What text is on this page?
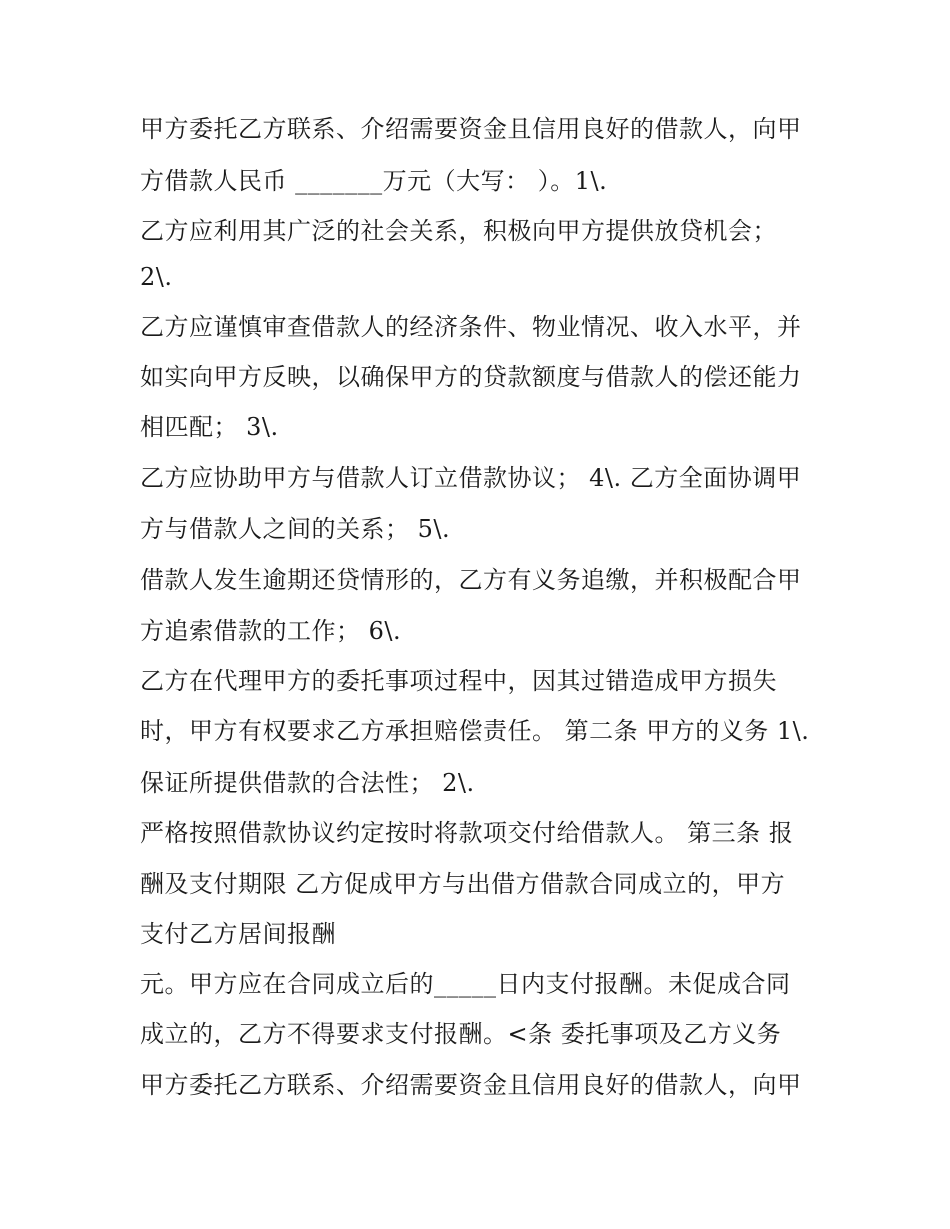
甲方委托乙方联系、介绍需要资金且信用良好的借款人，向甲
方借款人民币 _______万元（大写： ）。1\.
乙方应利用其广泛的社会关系，积极向甲方提供放贷机会；
2\.
乙方应谨慎审查借款人的经济条件、物业情况、收入水平，并
如实向甲方反映，以确保甲方的贷款额度与借款人的偿还能力
相匹配； 3\.
乙方应协助甲方与借款人订立借款协议； 4\. 乙方全面协调甲
方与借款人之间的关系； 5\.
借款人发生逾期还贷情形的，乙方有义务追缴，并积极配合甲
方追索借款的工作； 6\.
乙方在代理甲方的委托事项过程中，因其过错造成甲方损失
时，甲方有权要求乙方承担赔偿责任。 第二条 甲方的义务 1\.
保证所提供借款的合法性； 2\.
严格按照借款协议约定按时将款项交付给借款人。 第三条 报
酬及支付期限 乙方促成甲方与出借方借款合同成立的，甲方
支付乙方居间报酬
元。甲方应在合同成立后的_____日内支付报酬。未促成合同
成立的，乙方不得要求支付报酬。<条 委托事项及乙方义务
甲方委托乙方联系、介绍需要资金且信用良好的借款人，向甲
